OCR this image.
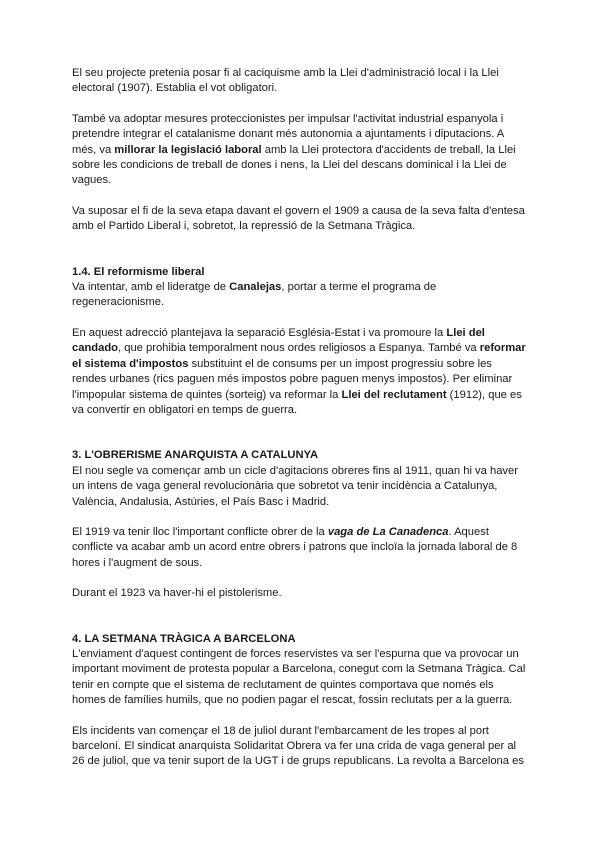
El seu projecte pretenia posar fi al caciquisme amb la Llei d'administració local i la Llei electoral (1907). Establia el vot obligatori.

També va adoptar mesures proteccionistes per impulsar l'activitat industrial espanyola i pretendre integrar el catalanisme donant més autonomia a ajuntaments i diputacions. A més, va millorar la legislació laboral amb la Llei protectora d'accidents de treball, la Llei sobre les condicions de treball de dones i nens, la Llei del descans dominical i la Llei de vagues.

Va suposar el fi de la seva etapa davant el govern el 1909 a causa de la seva falta d'entesa amb el Partido Liberal i, sobretot, la repressió de la Setmana Tràgica.

1.4. El reformisme liberal
Va intentar, amb el lideratge de Canalejas, portar a terme el programa de regeneracionisme.

En aquest adrecció plantejava la separació Església-Estat i va promoure la Llei del candado, que prohibia temporalment nous ordes religiosos a Espanya. També va reformar el sistema d'impostos substituint el de consums per un impost progressiu sobre les rendes urbanes (rics paguen més impostos pobre paguen menys impostos). Per eliminar l'impopular sistema de quintes (sorteig) va reformar la Llei del reclutament (1912), que es va convertir en obligatori en temps de guerra.

3. L'OBRERISME ANARQUISTA A CATALUNYA
El nou segle va començar amb un cicle d'agitacions obreres fins al 1911, quan hi va haver un intens de vaga general revolucionària que sobretot va tenir incidència a Catalunya, València, Andalusia, Astúries, el País Basc i Madrid.

El 1919 va tenir lloc l'important conflicte obrer de la vaga de La Canadenca. Aquest conflicte va acabar amb un acord entre obrers i patrons que incloïa la jornada laboral de 8 hores i l'augment de sous.

Durant el 1923 va haver-hi el pistolerisme.

4. LA SETMANA TRÀGICA A BARCELONA
L'enviament d'aquest contingent de forces reservistes va ser l'espurna que va provocar un important moviment de protesta popular a Barcelona, conegut com la Setmana Tràgica. Cal tenir en compte que el sistema de reclutament de quintes comportava que només els homes de famílies humils, que no podien pagar el rescat, fossin reclutats per a la guerra.

Els incidents van començar el 18 de juliol durant l'embarcament de les tropes al port barceloní. El sindicat anarquista Solidaritat Obrera va fer una crida de vaga general per al 26 de juliol, que va tenir suport de la UGT i de grups republicans. La revolta a Barcelona es
